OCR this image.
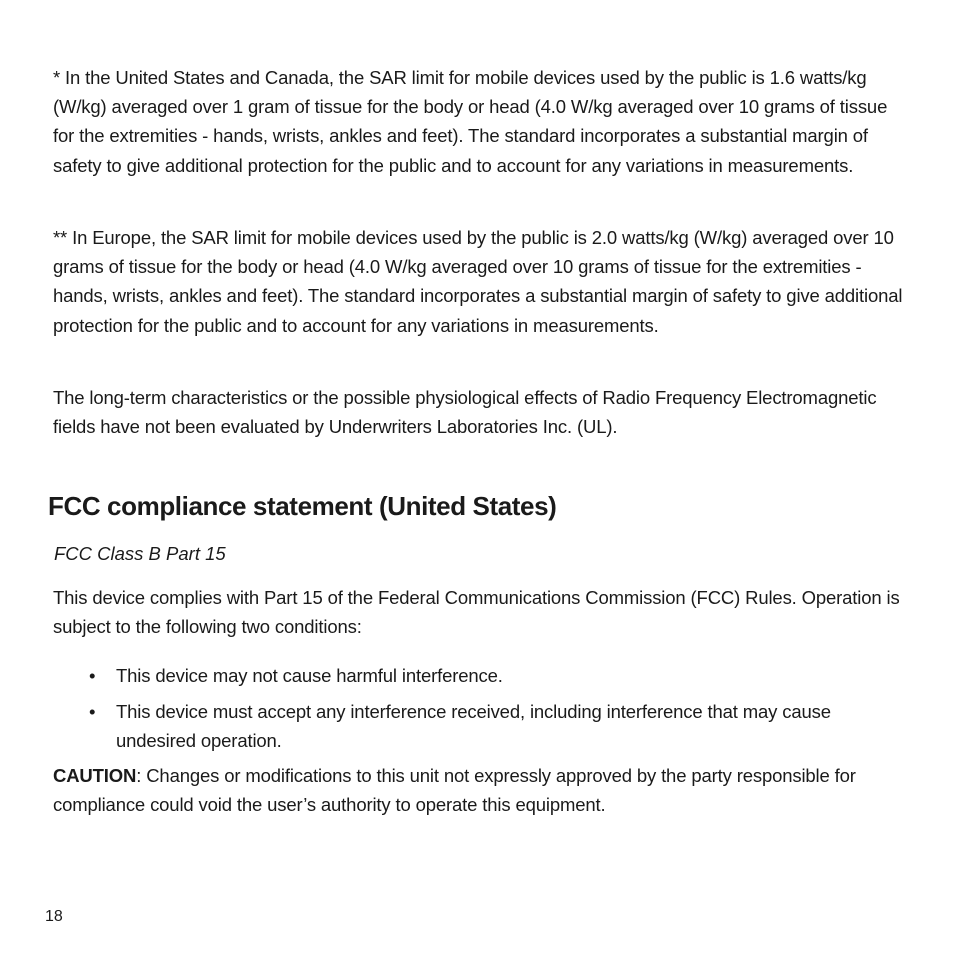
* In the United States and Canada, the SAR limit for mobile devices used by the public is 1.6 watts/kg (W/kg) averaged over 1 gram of tissue for the body or head (4.0 W/kg averaged over 10 grams of tissue for the extremities - hands, wrists, ankles and feet). The standard incorporates a substantial margin of safety to give additional protection for the public and to account for any variations in measurements.

** In Europe, the SAR limit for mobile devices used by the public is 2.0 watts/kg (W/kg) averaged over 10 grams of tissue for the body or head (4.0 W/kg averaged over 10 grams of tissue for the extremities - hands, wrists, ankles and feet). The standard incorporates a substantial margin of safety to give additional protection for the public and to account for any variations in measurements.

The long-term characteristics or the possible physiological effects of Radio Frequency Electromagnetic fields have not been evaluated by Underwriters Laboratories Inc. (UL).

FCC compliance statement (United States)

FCC Class B Part 15

This device complies with Part 15 of the Federal Communications Commission (FCC) Rules. Operation is subject to the following two conditions:

•	This device may not cause harmful interference.
•	This device must accept any interference received, including interference that may cause undesired operation.

CAUTION: Changes or modifications to this unit not expressly approved by the party responsible for compliance could void the user’s authority to operate this equipment.

18
